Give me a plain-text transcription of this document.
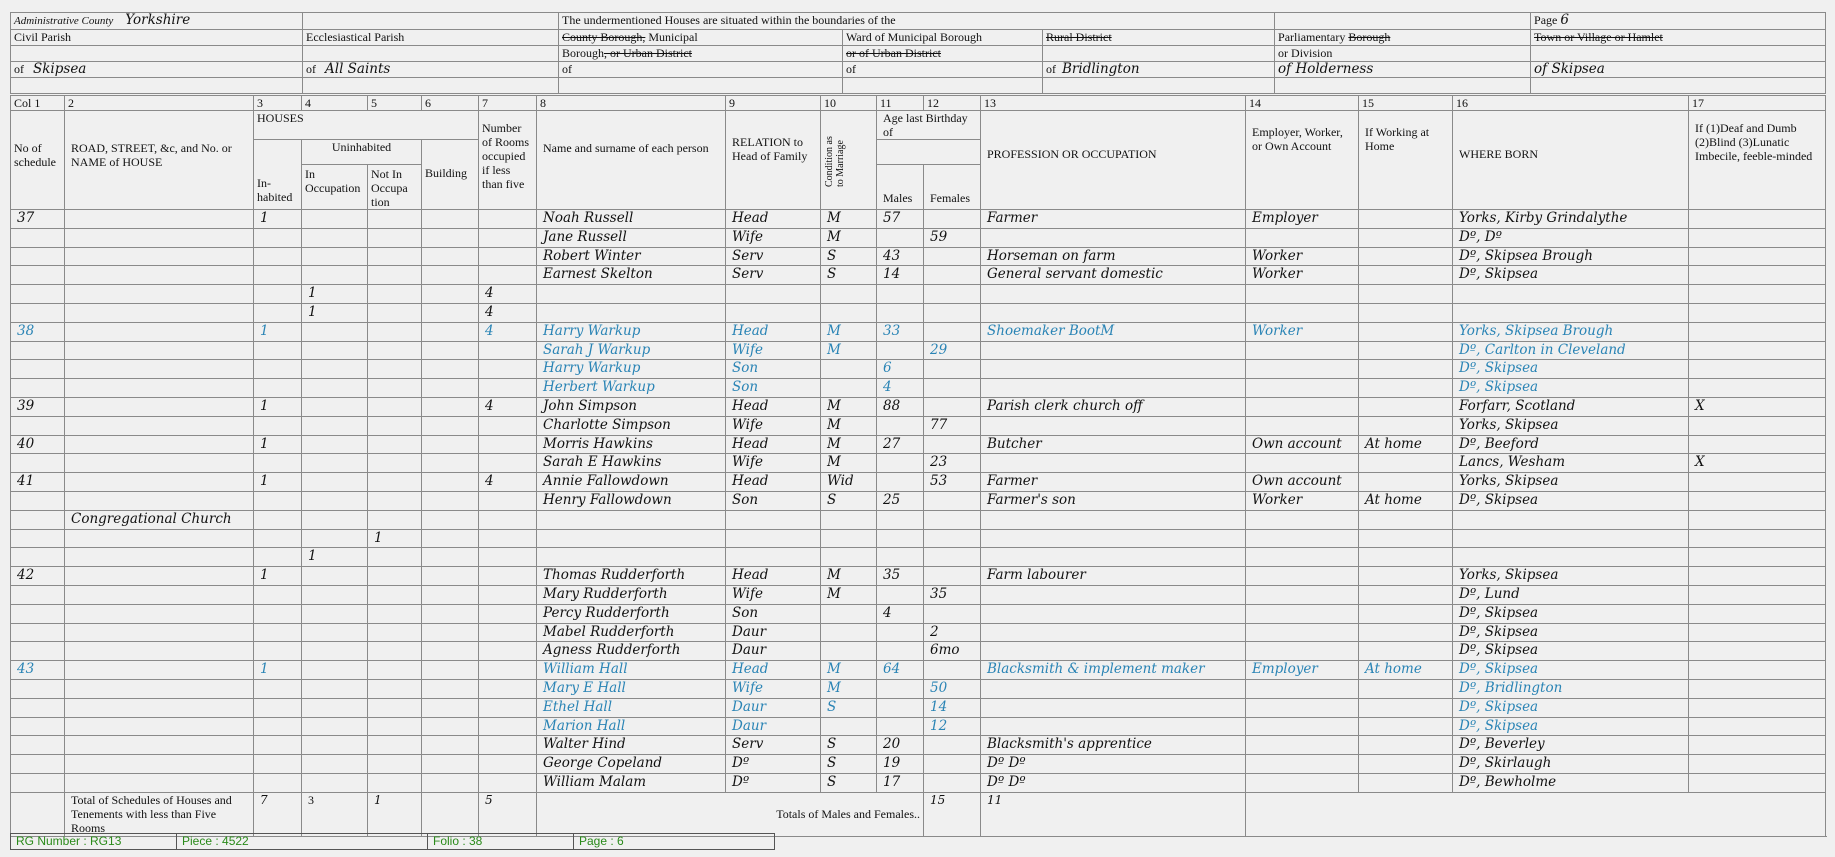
Administrative County Yorkshire		The undermentioned Houses are situated within the boundaries of the				Page 6
Civil Parish	Ecclesiastical Parish	County Borough, Municipal	Ward of Municipal Borough	Rural District	Parliamentary Borough	Town or Village or Hamlet
		Borough, or Urban District	or of Urban District		or Division	
of Skipsea	of All Saints	of	of	of Bridlington	of Holderness	of Skipsea

Col 1	2	3	4	5	6	7	8	9	10	11	12	13	14	15	16	17
No of schedule	ROAD, STREET, &c, and No. or NAME of HOUSE	HOUSES				Number of Rooms occupied if less than five	Name and surname of each person	RELATION to Head of Family	Condition as to Marriage	Age last Birthday of		PROFESSION OR OCCUPATION	Employer, Worker, or Own Account	If Working at Home	WHERE BORN	If (1)Deaf and Dumb (2)Blind (3)Lunatic Imbecile, feeble-minded
		In-habited	Uninhabited		Building											
			In Occupation	Not In Occupa tion						Males	Females					
37		1					Noah Russell	Head	M	57		Farmer	Employer		Yorks, Kirby Grindalythe	
							Jane Russell	Wife	M		59				Dº, Dº	
							Robert Winter	Serv	S	43		Horseman on farm	Worker		Dº, Skipsea Brough	
							Earnest Skelton	Serv	S	14		General servant domestic	Worker		Dº, Skipsea	
			1			4										
			1			4										
38		1				4	Harry Warkup	Head	M	33		Shoemaker BootM	Worker		Yorks, Skipsea Brough	
							Sarah J Warkup	Wife	M		29				Dº, Carlton in Cleveland	
							Harry Warkup	Son		6					Dº, Skipsea	
							Herbert Warkup	Son		4					Dº, Skipsea	
39		1				4	John Simpson	Head	M	88		Parish clerk church off			Forfarr, Scotland	X
							Charlotte Simpson	Wife	M		77				Yorks, Skipsea	
40		1					Morris Hawkins	Head	M	27		Butcher	Own account	At home	Dº, Beeford	
							Sarah E Hawkins	Wife	M		23				Lancs, Wesham	X
41		1				4	Annie Fallowdown	Head	Wid		53	Farmer	Own account		Yorks, Skipsea	
							Henry Fallowdown	Son	S	25		Farmer's son	Worker	At home	Dº, Skipsea	
	Congregational Church															
				1												
			1													
42		1					Thomas Rudderforth	Head	M	35		Farm labourer			Yorks, Skipsea	
							Mary Rudderforth	Wife	M		35				Dº, Lund	
							Percy Rudderforth	Son		4					Dº, Skipsea	
							Mabel Rudderforth	Daur			2				Dº, Skipsea	
							Agness Rudderforth	Daur			6mo				Dº, Skipsea	
43		1					William Hall	Head	M	64		Blacksmith & implement maker	Employer	At home	Dº, Skipsea	
							Mary E Hall	Wife	M		50				Dº, Bridlington	
							Ethel Hall	Daur	S		14				Dº, Skipsea	
							Marion Hall	Daur			12				Dº, Skipsea	
							Walter Hind	Serv	S	20		Blacksmith's apprentice			Dº, Beverley	
							George Copeland	Dº	S	19		Dº Dº			Dº, Skirlaugh	
							William Malam	Dº	S	17		Dº Dº			Dº, Bewholme	
	Total of Schedules of Houses and Tenements with less than Five Rooms	7	3	1		5	Totals of Males and Females..				15	11				
RG Number : RG13	Piece : 4522	Folio : 38	Page : 6
